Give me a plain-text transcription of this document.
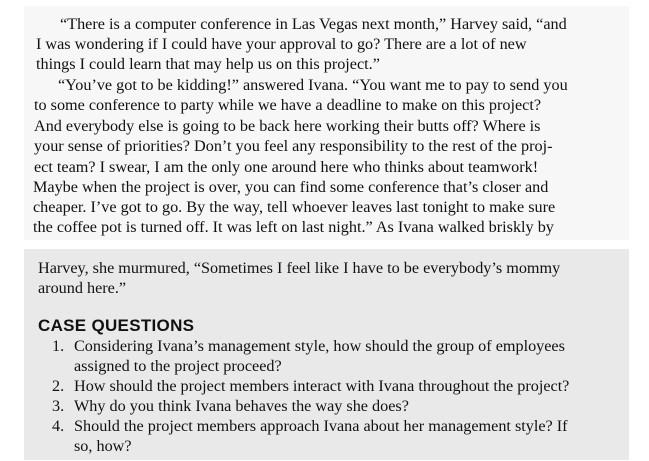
“There is a computer conference in Las Vegas next month,” Harvey said, “and
I was wondering if I could have your approval to go? There are a lot of new
things I could learn that may help us on this project.”
“You’ve got to be kidding!” answered Ivana. “You want me to pay to send you
to some conference to party while we have a deadline to make on this project?
And everybody else is going to be back here working their butts off? Where is
your sense of priorities? Don’t you feel any responsibility to the rest of the proj-
ect team? I swear, I am the only one around here who thinks about teamwork!
Maybe when the project is over, you can find some conference that’s closer and
cheaper. I’ve got to go. By the way, tell whoever leaves last tonight to make sure
the coffee pot is turned off. It was left on last night.” As Ivana walked briskly by
Harvey, she murmured, “Sometimes I feel like I have to be everybody’s mommy
around here.”
CASE QUESTIONS
1. Considering Ivana’s management style, how should the group of employees
assigned to the project proceed?
2. How should the project members interact with Ivana throughout the project?
3. Why do you think Ivana behaves the way she does?
4. Should the project members approach Ivana about her management style? If
so, how?
